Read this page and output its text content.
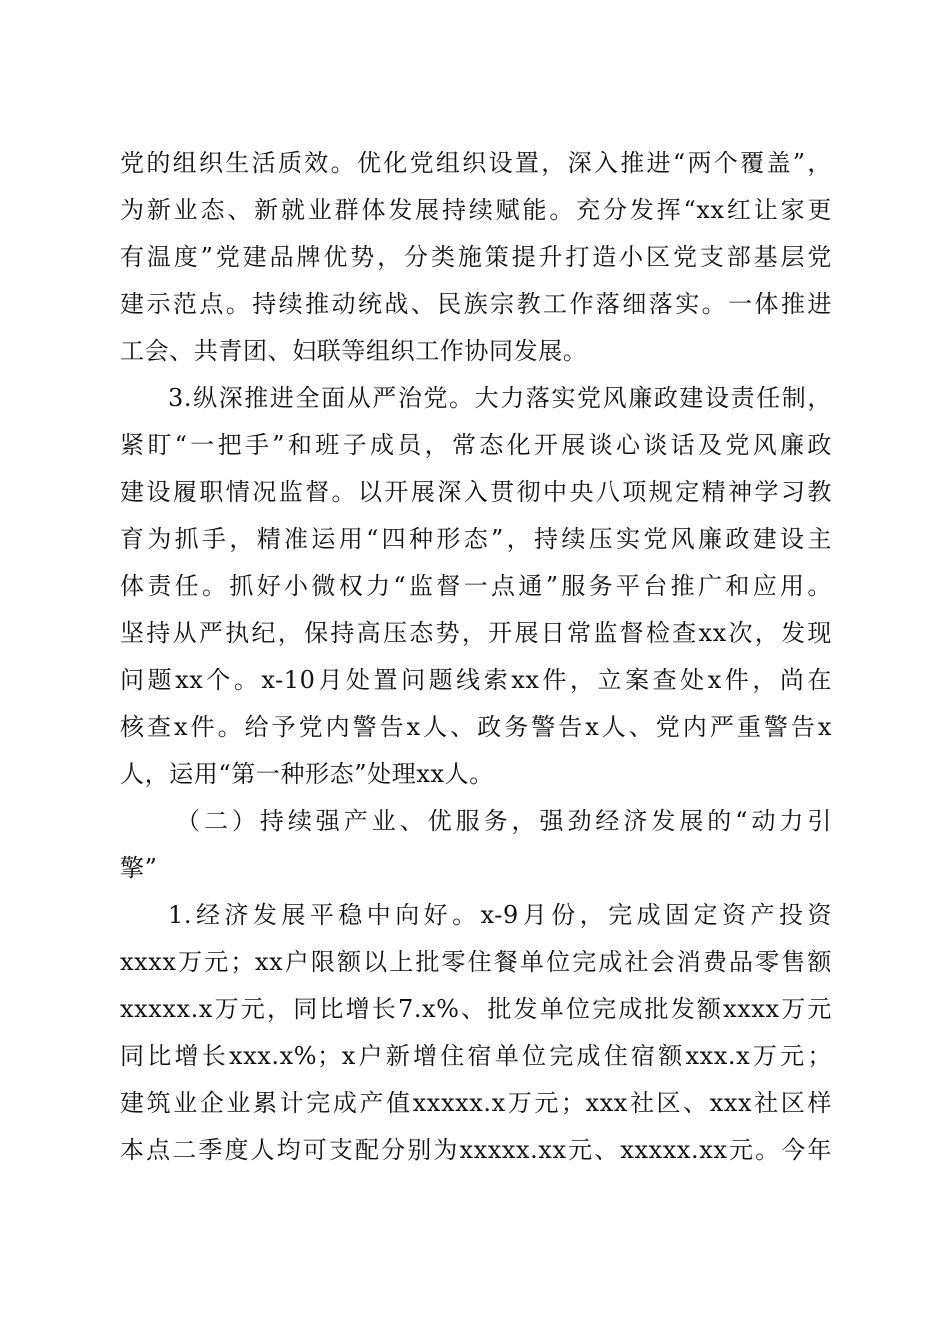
党的组织生活质效。优化党组织设置，深入推进“两个覆盖”，
为新业态、新就业群体发展持续赋能。充分发挥“xx红让家更
有温度”党建品牌优势，分类施策提升打造小区党支部基层党
建示范点。持续推动统战、民族宗教工作落细落实。一体推进
工会、共青团、妇联等组织工作协同发展。
3.纵深推进全面从严治党。大力落实党风廉政建设责任制，
紧盯“一把手”和班子成员，常态化开展谈心谈话及党风廉政
建设履职情况监督。以开展深入贯彻中央八项规定精神学习教
育为抓手，精准运用“四种形态”，持续压实党风廉政建设主
体责任。抓好小微权力“监督一点通”服务平台推广和应用。
坚持从严执纪，保持高压态势，开展日常监督检查xx次，发现
问题xx个。x-10月处置问题线索xx件，立案查处x件，尚在
核查x件。给予党内警告x人、政务警告x人、党内严重警告x
人，运用“第一种形态”处理xx人。
（二）持续强产业、优服务，强劲经济发展的“动力引
擎”
1.经济发展平稳中向好。x-9月份，完成固定资产投资
xxxx万元；xx户限额以上批零住餐单位完成社会消费品零售额
xxxxx.x万元，同比增长7.x%、批发单位完成批发额xxxx万元
同比增长xxx.x%；x户新增住宿单位完成住宿额xxx.x万元；
建筑业企业累计完成产值xxxxx.x万元；xxx社区、xxx社区样
本点二季度人均可支配分别为xxxxx.xx元、xxxxx.xx元。今年
